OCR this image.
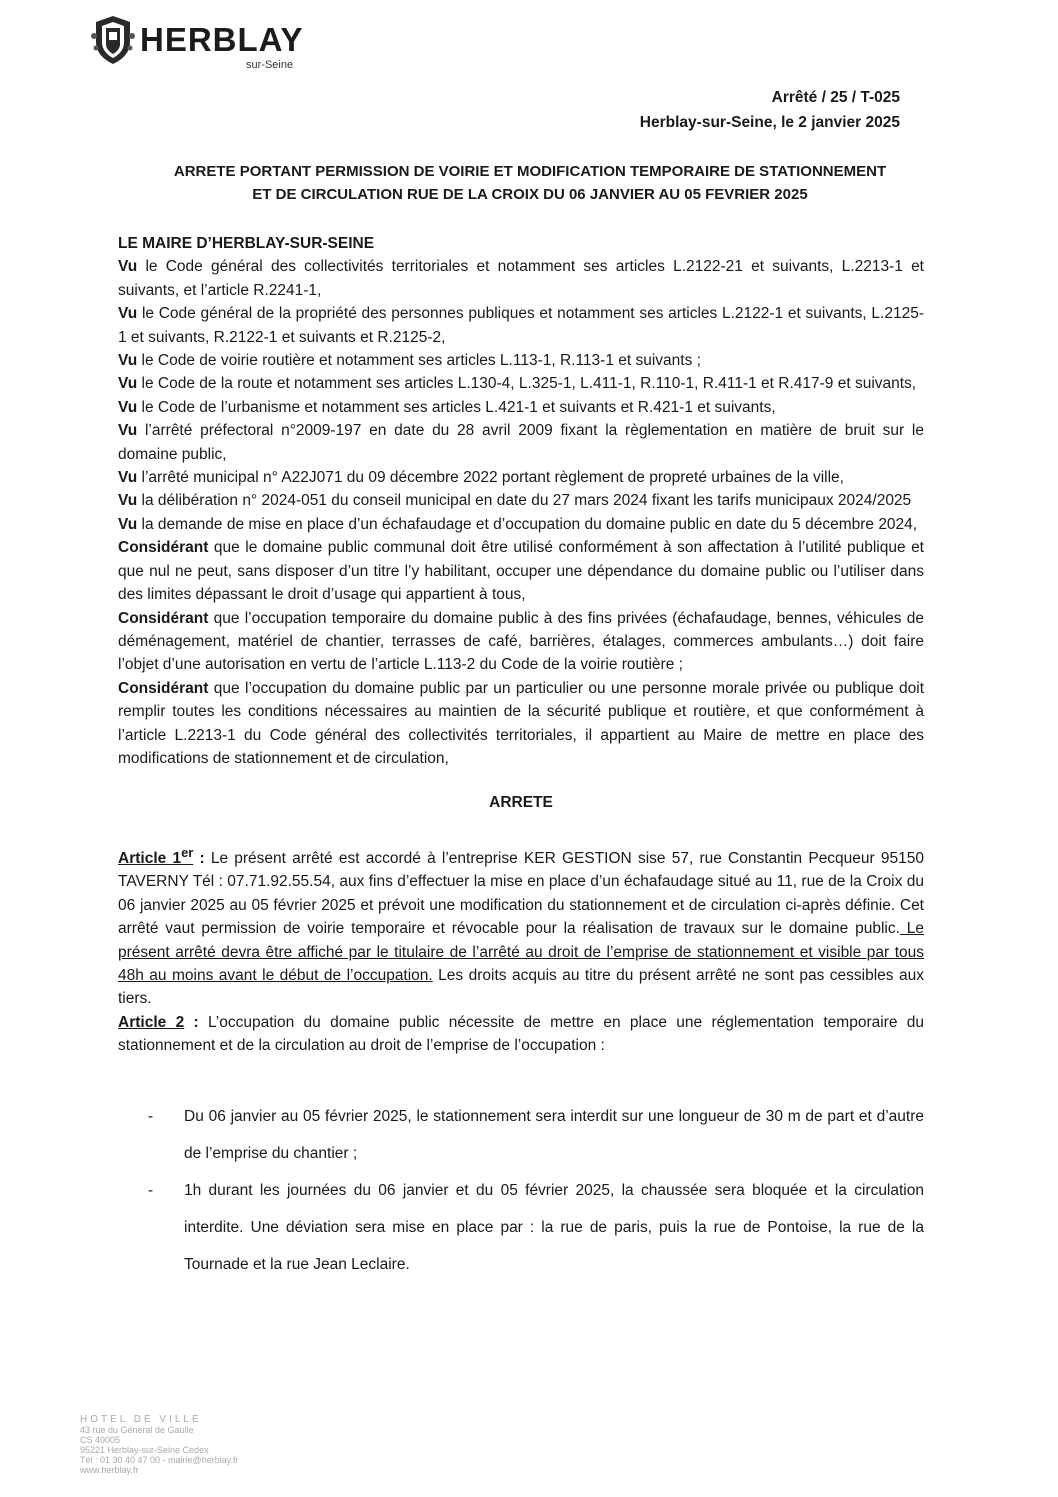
HERBLAY
sur-Seine
Arrêté / 25 / T-025
Herblay-sur-Seine, le 2 janvier 2025
ARRETE PORTANT PERMISSION DE VOIRIE ET MODIFICATION TEMPORAIRE DE STATIONNEMENT
ET DE CIRCULATION RUE DE LA CROIX DU 06 JANVIER AU 05 FEVRIER 2025

LE MAIRE D’HERBLAY-SUR-SEINE

Vu le Code général des collectivités territoriales et notamment ses articles L.2122-21 et suivants, L.2213-1 et suivants, et l’article R.2241-1,

Vu le Code général de la propriété des personnes publiques et notamment ses articles L.2122-1 et suivants, L.2125-1 et suivants, R.2122-1 et suivants et R.2125-2,

Vu le Code de voirie routière et notamment ses articles L.113-1, R.113-1 et suivants ;

Vu le Code de la route et notamment ses articles L.130-4, L.325-1, L.411-1, R.110-1, R.411-1 et R.417-9 et suivants,

Vu le Code de l’urbanisme et notamment ses articles L.421-1 et suivants et R.421-1 et suivants,

Vu l’arrêté préfectoral n°2009-197 en date du 28 avril 2009 fixant la règlementation en matière de bruit sur le domaine public,

Vu l’arrêté municipal n° A22J071 du 09 décembre 2022 portant règlement de propreté urbaines de la ville,

Vu la délibération n° 2024-051 du conseil municipal en date du 27 mars 2024 fixant les tarifs municipaux 2024/2025

Vu la demande de mise en place d’un échafaudage et d’occupation du domaine public en date du 5 décembre 2024,

Considérant que le domaine public communal doit être utilisé conformément à son affectation à l’utilité publique et que nul ne peut, sans disposer d’un titre l’y habilitant, occuper une dépendance du domaine public ou l’utiliser dans des limites dépassant le droit d’usage qui appartient à tous,

Considérant que l’occupation temporaire du domaine public à des fins privées (échafaudage, bennes, véhicules de déménagement, matériel de chantier, terrasses de café, barrières, étalages, commerces ambulants…) doit faire l’objet d’une autorisation en vertu de l’article L.113-2 du Code de la voirie routière ;

Considérant que l’occupation du domaine public par un particulier ou une personne morale privée ou publique doit remplir toutes les conditions nécessaires au maintien de la sécurité publique et routière, et que conformément à l’article L.2213-1 du Code général des collectivités territoriales, il appartient au Maire de mettre en place des modifications de stationnement et de circulation,

ARRETE

Article 1er : Le présent arrêté est accordé à l’entreprise KER GESTION sise 57, rue Constantin Pecqueur 95150 TAVERNY Tél : 07.71.92.55.54, aux fins d’effectuer la mise en place d’un échafaudage situé au 11, rue de la Croix du 06 janvier 2025 au 05 février 2025 et prévoit une modification du stationnement et de circulation ci-après définie. Cet arrêté vaut permission de voirie temporaire et révocable pour la réalisation de travaux sur le domaine public. Le présent arrêté devra être affiché par le titulaire de l’arrêté au droit de l’emprise de stationnement et visible par tous 48h au moins avant le début de l’occupation. Les droits acquis au titre du présent arrêté ne sont pas cessibles aux tiers.

Article 2 : L’occupation du domaine public nécessite de mettre en place une réglementation temporaire du stationnement et de la circulation au droit de l’emprise de l’occupation :

- Du 06 janvier au 05 février 2025, le stationnement sera interdit sur une longueur de 30 m de part et d’autre de l’emprise du chantier ;
- 1h durant les journées du 06 janvier et du 05 février 2025, la chaussée sera bloquée et la circulation interdite. Une déviation sera mise en place par : la rue de paris, puis la rue de Pontoise, la rue de la Tournade et la rue Jean Leclaire.
HOTEL DE VILLE
43 rue du Général de Gaulle
CS 40005
95221 Herblay-sur-Seine Cedex
Tél : 01 30 40 47 00 - mairie@herblay.fr
www.herblay.fr
